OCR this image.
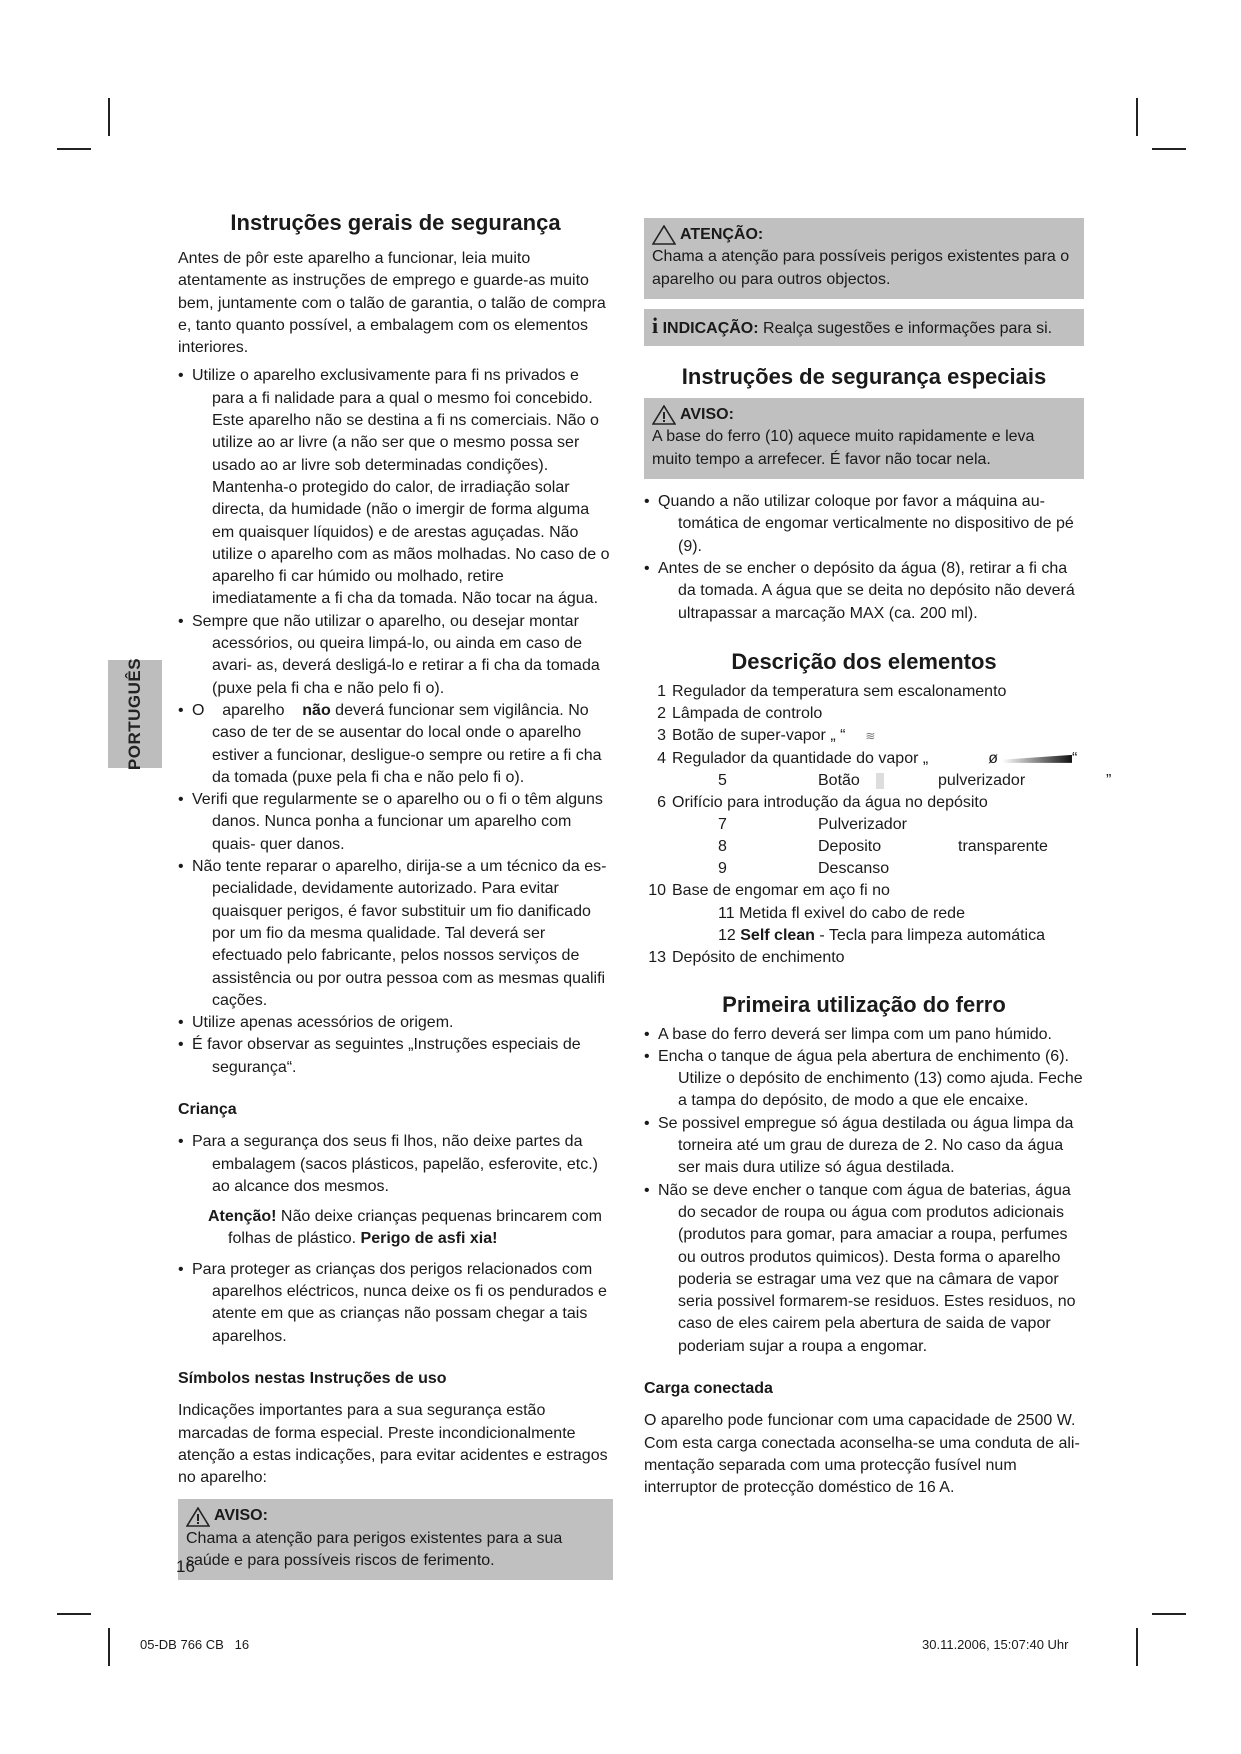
PORTUGUÊS
Instruções gerais de segurança

Antes de pôr este aparelho a funcionar, leia muito atentamente as instruções de emprego e guarde-as muito bem, juntamente com o talão de garantia, o talão de compra e, tanto quanto possível, a embalagem com os elementos interiores.

• Utilize o aparelho exclusivamente para fi ns privados e para a fi nalidade para a qual o mesmo foi concebido. Este aparelho não se destina a fi ns comerciais. Não o utilize ao ar livre (a não ser que o mesmo possa ser usado ao ar livre sob determinadas condições). Mantenha-o protegido do calor, de irradiação solar directa, da humidade (não o imergir de forma alguma em quaisquer líquidos) e de arestas aguçadas. Não utilize o aparelho com as mãos molhadas. No caso de o aparelho fi car húmido ou molhado, retire imediatamente a fi cha da tomada. Não tocar na água.
• Sempre que não utilizar o aparelho, ou desejar montar acessórios, ou queira limpá-lo, ou ainda em caso de avari- as, deverá desligá-lo e retirar a fi cha da tomada (puxe pela fi cha e não pelo fi o).
• O    aparelho    não deverá funcionar sem vigilância. No caso de ter de se ausentar do local onde o aparelho estiver a funcionar, desligue-o sempre ou retire a fi cha da tomada (puxe pela fi cha e não pelo fi o).
• Verifi que regularmente se o aparelho ou o fi o têm alguns danos. Nunca ponha a funcionar um aparelho com quais- quer danos.
• Não tente reparar o aparelho, dirija-se a um técnico da es- pecialidade, devidamente autorizado. Para evitar quaisquer perigos, é favor substituir um fio danificado por um fio da mesma qualidade. Tal deverá ser efectuado pelo fabricante, pelos nossos serviços de assistência ou por outra pessoa com as mesmas qualifi cações.
• Utilize apenas acessórios de origem.
• É favor observar as seguintes „Instruções especiais de segurança“.
Criança
• Para a segurança dos seus fi lhos, não deixe partes da embalagem (sacos plásticos, papelão, esferovite, etc.) ao alcance dos mesmos.

Atenção! Não deixe crianças pequenas brincarem com folhas de plástico. Perigo de asfi xia!

• Para proteger as crianças dos perigos relacionados com aparelhos eléctricos, nunca deixe os fi os pendurados e atente em que as crianças não possam chegar a tais aparelhos.
Símbolos nestas Instruções de uso

Indicações importantes para a sua segurança estão marcadas de forma especial. Preste incondicionalmente atenção a estas indicações, para evitar acidentes e estragos no aparelho:

AVISO:

Chama a atenção para perigos existentes para a sua saúde e para possíveis riscos de ferimento.

ATENÇÃO:

Chama a atenção para possíveis perigos existentes para o aparelho ou para outros objectos.

i INDICAÇÃO: Realça sugestões e informações para si.
Instruções de segurança especiais
AVISO:

A base do ferro (10) aquece muito rapidamente e leva muito tempo a arrefecer. É favor não tocar nela.

• Quando a não utilizar coloque por favor a máquina au- tomática de engomar verticalmente no dispositivo de pé (9).
• Antes de se encher o depósito da água (8), retirar a fi cha da tomada. A água que se deita no depósito não deverá ultrapassar a marcação MAX (ca. 200 ml).
Descrição dos elementos
1 Regulador da temperatura sem escalonamento
2 Lâmpada de controlo
3 Botão de super-vapor „ “ ≋
4 Regulador da quantidade do vapor „	ø	“
5	Botão	pulverizador	”
6 Orifício para introdução da água no depósito
7	Pulverizador
8	Deposito	transparente
9	Descanso
10 Base de engomar em aço fi no
11 Metida fl exivel do cabo de rede
12 Self clean - Tecla para limpeza automática
13 Depósito de enchimento
Primeira utilização do ferro
• A base do ferro deverá ser limpa com um pano húmido.
• Encha o tanque de água pela abertura de enchimento (6). Utilize o depósito de enchimento (13) como ajuda. Feche a tampa do depósito, de modo a que ele encaixe.
• Se possivel empregue só água destilada ou água limpa da torneira até um grau de dureza de 2. No caso da água ser mais dura utilize só água destilada.
• Não se deve encher o tanque com água de baterias, água do secador de roupa ou água com produtos adicionais (produtos para gomar, para amaciar a roupa, perfumes ou outros produtos quimicos). Desta forma o aparelho poderia se estragar uma vez que na câmara de vapor seria possivel formarem-se residuos. Estes residuos, no caso de eles cairem pela abertura de saida de vapor poderiam sujar a roupa a engomar.
Carga conectada

O aparelho pode funcionar com uma capacidade de 2500 W. Com esta carga conectada aconselha-se uma conduta de ali- mentação separada com uma protecção fusível num interruptor de protecção doméstico de 16 A.

16
05-DB 766 CB   16	30.11.2006, 15:07:40 Uhr
